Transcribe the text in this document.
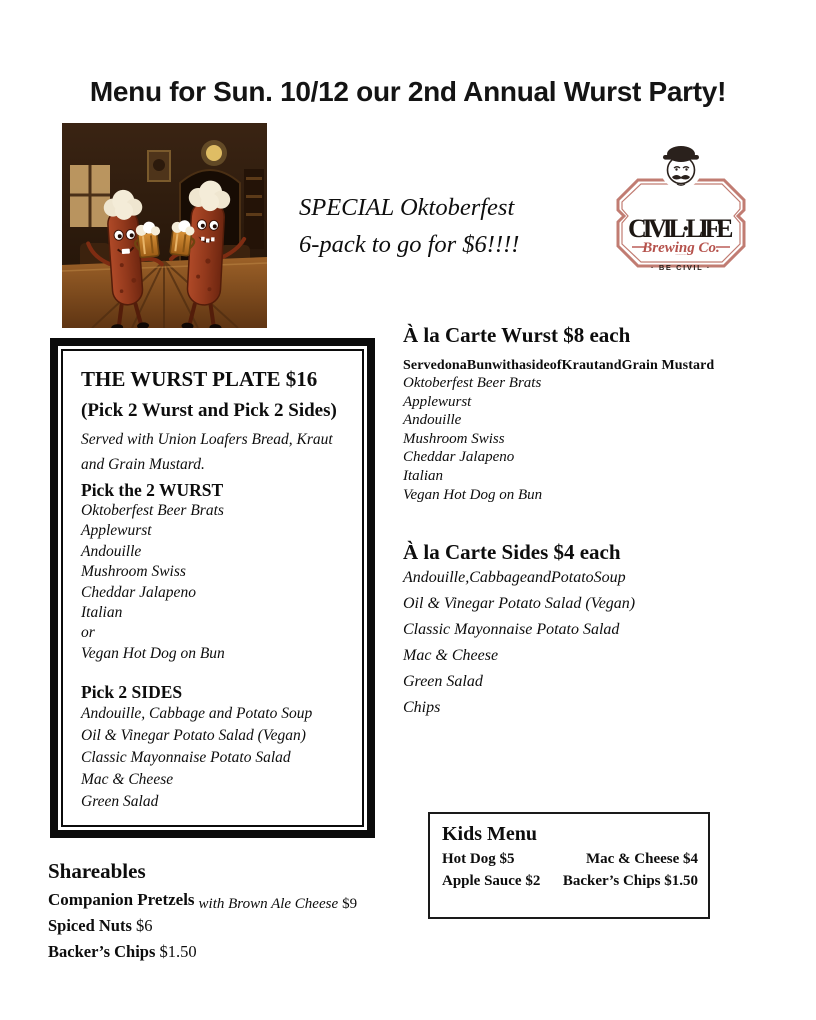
Menu for Sun. 10/12 our 2nd Annual Wurst Party!
SPECIAL Oktoberfest
6-pack to go for $6!!!!
CIVIL·LIFE
Brewing Co.
‾‾‾‾‾‾
· BE CIVIL ·
THE WURST PLATE $16
(Pick 2 Wurst and Pick 2 Sides)
Served with Union Loafers Bread, Kraut and Grain Mustard.
Pick the 2 WURST
Oktoberfest Beer Brats
Applewurst
Andouille
Mushroom Swiss
Cheddar Jalapeno
Italian
or
Vegan Hot Dog on Bun
Pick 2 SIDES
Andouille, Cabbage and Potato Soup
Oil & Vinegar Potato Salad (Vegan)
Classic Mayonnaise Potato Salad
Mac & Cheese
Green Salad
À la Carte Wurst $8 each
ServedonaBunwithasideofKrautandGrain Mustard
Oktoberfest Beer Brats
Applewurst
Andouille
Mushroom Swiss
Cheddar Jalapeno
Italian
Vegan Hot Dog on Bun
À la Carte Sides $4 each
Andouille,CabbageandPotatoSoup
Oil & Vinegar Potato Salad (Vegan)
Classic Mayonnaise Potato Salad
Mac & Cheese
Green Salad
Chips
Kids Menu
Hot Dog $5	Mac & Cheese $4
Apple Sauce $2 Backer’s Chips $1.50
Shareables
Companion Pretzels with Brown Ale Cheese $9
Spiced Nuts $6
Backer’s Chips $1.50
